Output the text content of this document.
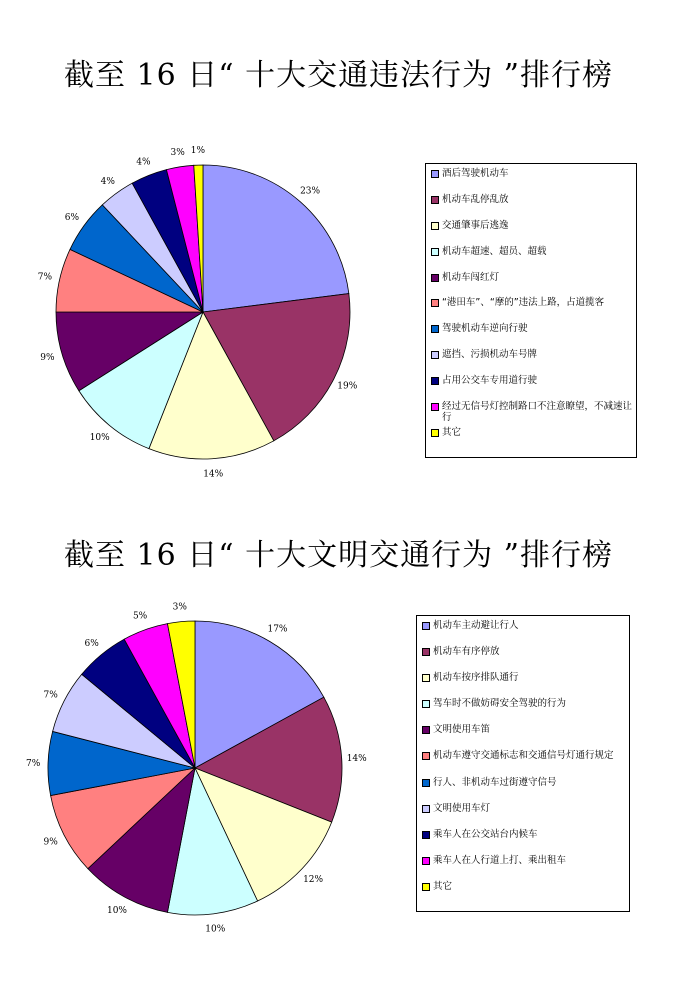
截至 16 日“ 十大交通违法行为 ”排行榜
23%
19%
14%
10%
9%
7%
6%
4%
4%
3% 1%
酒后驾驶机动车
机动车乱停乱放
交通肇事后逃逸
机动车超速、超员、超载
机动车闯红灯
“港田车”、“摩的”违法上路，占道揽客
驾驶机动车逆向行驶
遮挡、污损机动车号牌
占用公交车专用道行驶
经过无信号灯控制路口不注意瞭望，不减速让行
其它
截至 16 日“ 十大文明交通行为 ”排行榜
17%
14%
12%
10%
10%
9%
7%
7%
6%
5%
3%
机动车主动避让行人
机动车有序停放
机动车按序排队通行
驾车时不做妨碍安全驾驶的行为
文明使用车笛
机动车遵守交通标志和交通信号灯通行规定
行人、非机动车过街遵守信号
文明使用车灯
乘车人在公交站台内候车
乘车人在人行道上打、乘出租车
其它
